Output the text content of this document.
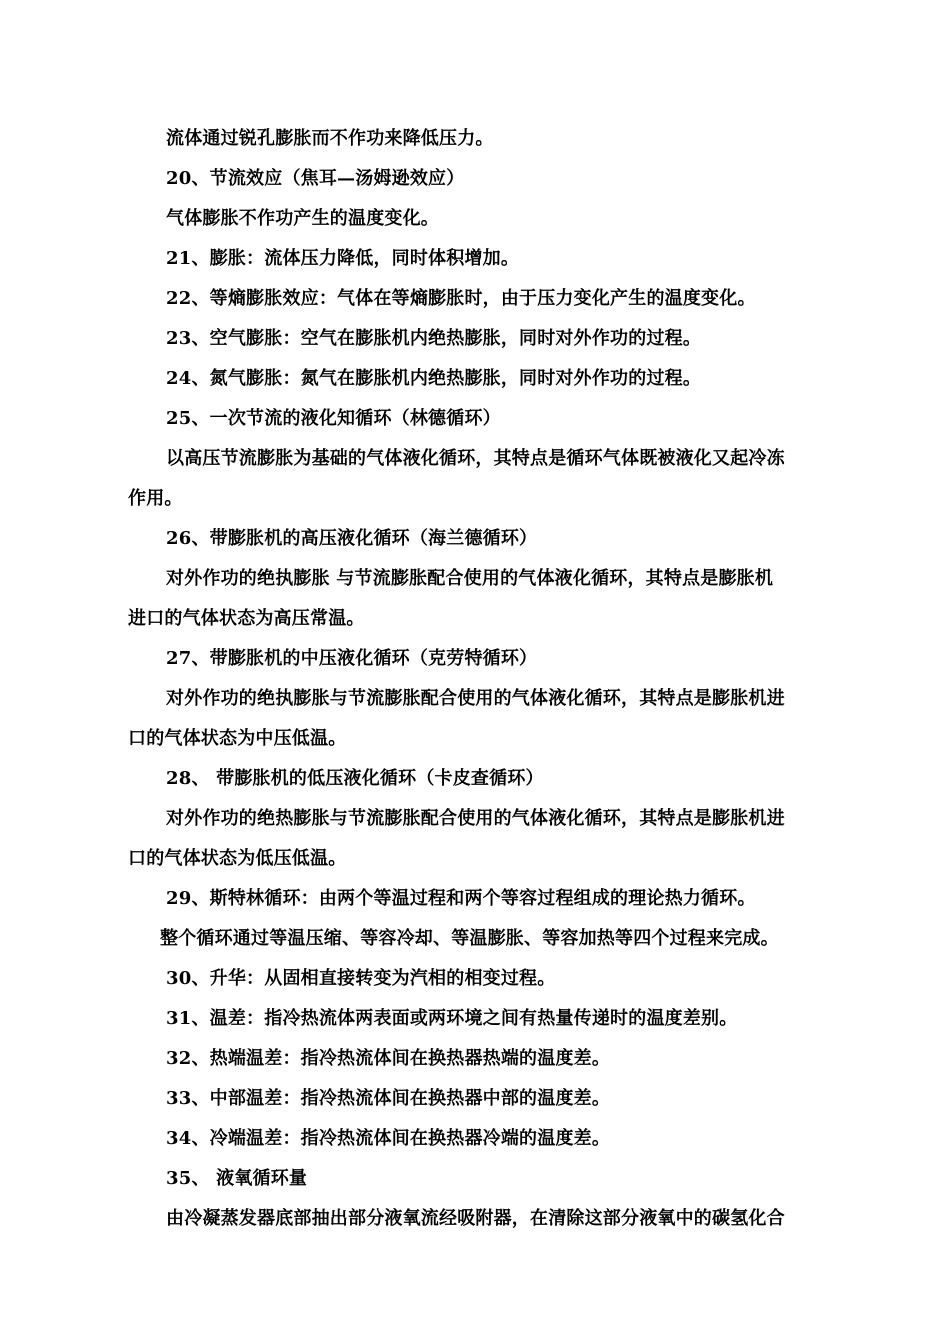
流体通过锐孔膨胀而不作功来降低压力。
20、节流效应（焦耳—汤姆逊效应）
气体膨胀不作功产生的温度变化。
21、膨胀：流体压力降低，同时体积增加。
22、等熵膨胀效应：气体在等熵膨胀时，由于压力变化产生的温度变化。
23、空气膨胀：空气在膨胀机内绝热膨胀，同时对外作功的过程。
24、氮气膨胀：氮气在膨胀机内绝热膨胀，同时对外作功的过程。
25、一次节流的液化知循环（林德循环）
以高压节流膨胀为基础的气体液化循环，其特点是循环气体既被液化又起冷冻
作用。
26、带膨胀机的高压液化循环（海兰德循环）
对外作功的绝执膨胀 与节流膨胀配合使用的气体液化循环，其特点是膨胀机
进口的气体状态为高压常温。
27、带膨胀机的中压液化循环（克劳特循环）
对外作功的绝执膨胀与节流膨胀配合使用的气体液化循环，其特点是膨胀机进
口的气体状态为中压低温。
28、 带膨胀机的低压液化循环（卡皮查循环）
对外作功的绝热膨胀与节流膨胀配合使用的气体液化循环，其特点是膨胀机进
口的气体状态为低压低温。
29、斯特林循环：由两个等温过程和两个等容过程组成的理论热力循环。
整个循环通过等温压缩、等容冷却、等温膨胀、等容加热等四个过程来完成。
30、升华：从固相直接转变为汽相的相变过程。
31、温差：指冷热流体两表面或两环境之间有热量传递时的温度差别。
32、热端温差：指冷热流体间在换热器热端的温度差。
33、中部温差：指冷热流体间在换热器中部的温度差。
34、冷端温差：指冷热流体间在换热器冷端的温度差。
35、 液氧循环量
由冷凝蒸发器底部抽出部分液氧流经吸附器，在清除这部分液氧中的碳氢化合
